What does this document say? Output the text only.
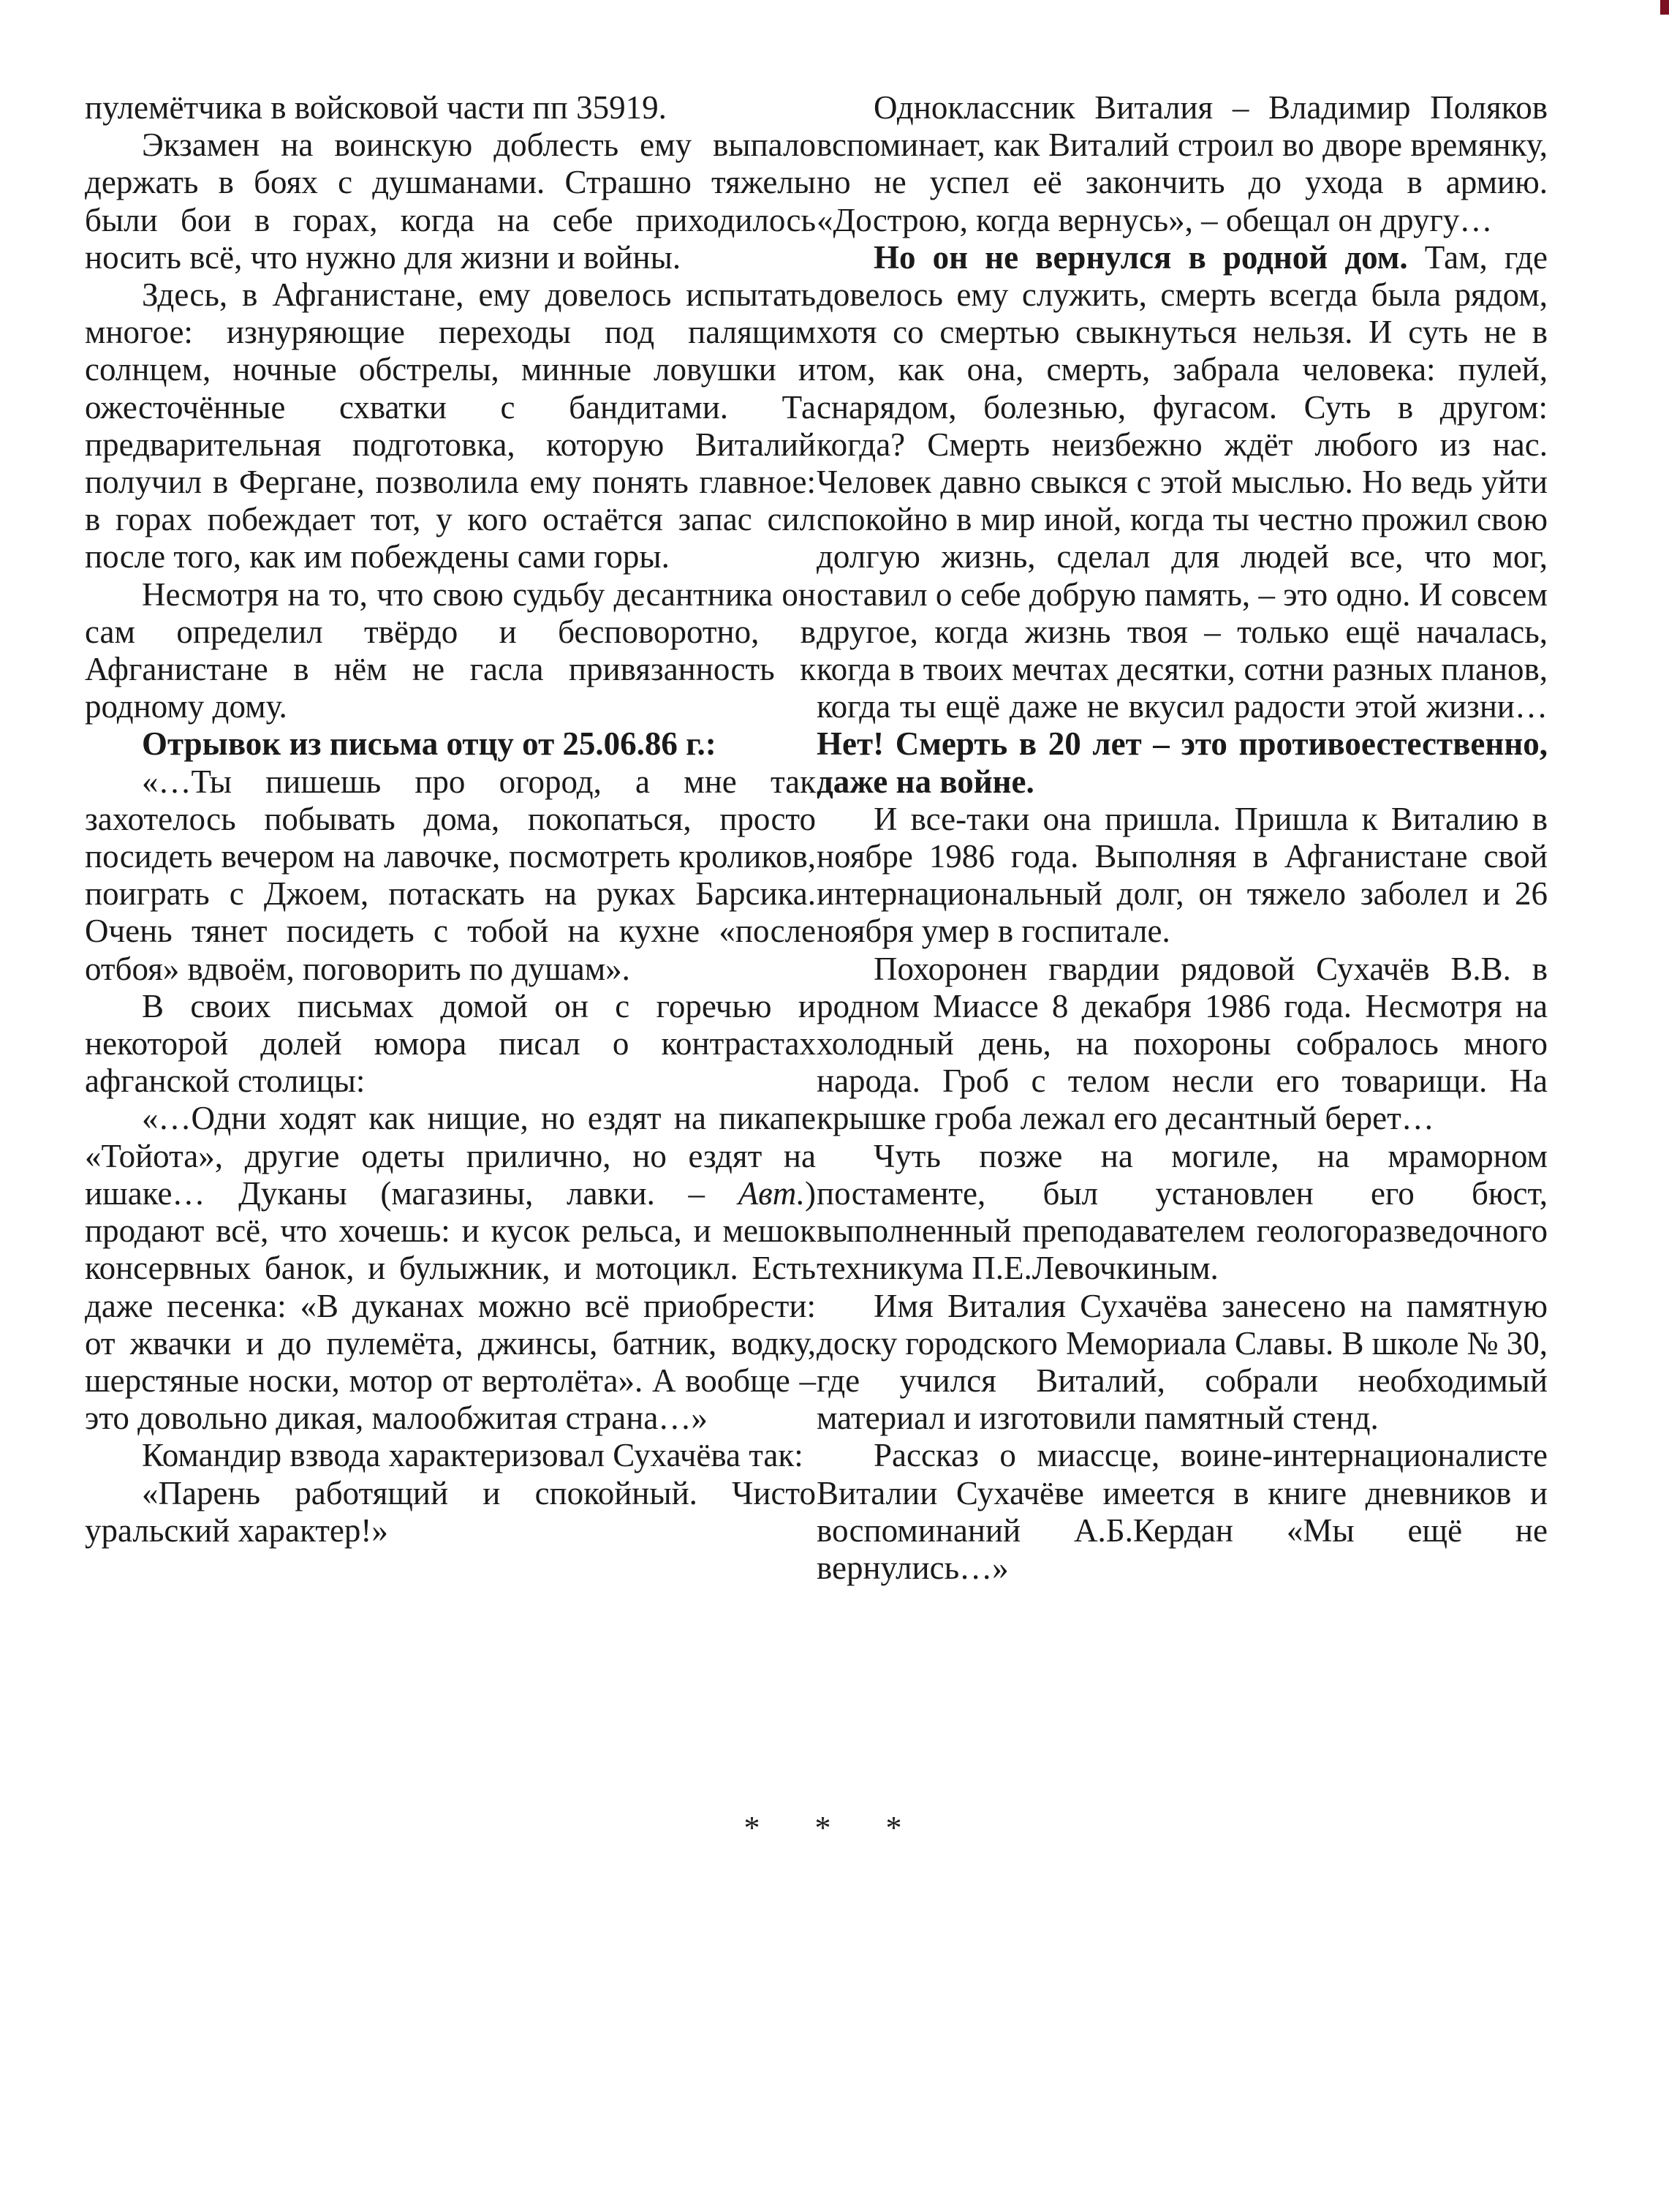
пулемётчика в войсковой части пп 35919.

Экзамен на воинскую доблесть ему выпало держать в боях с душманами. Страшно тяжелы были бои в горах, когда на себе приходилось носить всё, что нужно для жизни и войны.

Здесь, в Афганистане, ему довелось испытать многое: изнуряющие переходы под палящим солнцем, ночные обстрелы, минные ловушки и ожесточённые схватки с бандитами. Та предварительная подготовка, которую Виталий получил в Фергане, позволила ему понять главное: в горах побеждает тот, у кого остаётся запас сил после того, как им побеждены сами горы.

Несмотря на то, что свою судьбу десантника он сам определил твёрдо и бесповоротно, в Афганистане в нём не гасла привязанность к родному дому.

Отрывок из письма отцу от 25.06.86 г.:

«…Ты пишешь про огород, а мне так захотелось побывать дома, покопаться, просто посидеть вечером на лавочке, посмотреть кроликов, поиграть с Джоем, потаскать на руках Барсика. Очень тянет посидеть с тобой на кухне «после отбоя» вдвоём, поговорить по душам».

В своих письмах домой он с горечью и некоторой долей юмора писал о контрастах афганской столицы:

«…Одни ходят как нищие, но ездят на пикапе «Тойота», другие одеты прилично, но ездят на ишаке… Дуканы (магазины, лавки. – Авт.) продают всё, что хочешь: и кусок рельса, и мешок консервных банок, и булыжник, и мотоцикл. Есть даже песенка: «В дуканах можно всё приобрести: от жвачки и до пулемёта, джинсы, батник, водку, шерстяные носки, мотор от вертолёта». А вообще – это довольно дикая, малообжитая страна…»

Командир взвода характеризовал Сухачёва так:

«Парень работящий и спокойный. Чисто уральский характер!»

Одноклассник Виталия – Владимир Поляков вспоминает, как Виталий строил во дворе времянку, но не успел её закончить до ухода в армию. «Дострою, когда вернусь», – обещал он другу…

Но он не вернулся в родной дом. Там, где довелось ему служить, смерть всегда была рядом, хотя со смертью свыкнуться нельзя. И суть не в том, как она, смерть, забрала человека: пулей, снарядом, болезнью, фугасом. Суть в другом: когда? Смерть неизбежно ждёт любого из нас. Человек давно свыкся с этой мыслью. Но ведь уйти спокойно в мир иной, когда ты честно прожил свою долгую жизнь, сделал для людей все, что мог, оставил о себе добрую память, – это одно. И совсем другое, когда жизнь твоя – только ещё началась, когда в твоих мечтах десятки, сотни разных планов, когда ты ещё даже не вкусил радости этой жизни… Нет! Смерть в 20 лет – это противоестественно, даже на войне.

И все-таки она пришла. Пришла к Виталию в ноябре 1986 года. Выполняя в Афганистане свой интернациональный долг, он тяжело заболел и 26 ноября умер в госпитале.

Похоронен гвардии рядовой Сухачёв В.В. в родном Миассе 8 декабря 1986 года. Несмотря на холодный день, на похороны собралось много народа. Гроб с телом несли его товарищи. На крышке гроба лежал его десантный берет…

Чуть позже на могиле, на мраморном постаменте, был установлен его бюст, выполненный преподавателем геологоразведочного техникума П.Е.Левочкиным.

Имя Виталия Сухачёва занесено на памятную доску городского Мемориала Славы. В школе № 30, где учился Виталий, собрали необходимый материал и изготовили памятный стенд.

Рассказ о миассце, воине-интернационалисте Виталии Сухачёве имеется в книге дневников и воспоминаний А.Б.Кердан «Мы ещё не вернулись…»

* * *
